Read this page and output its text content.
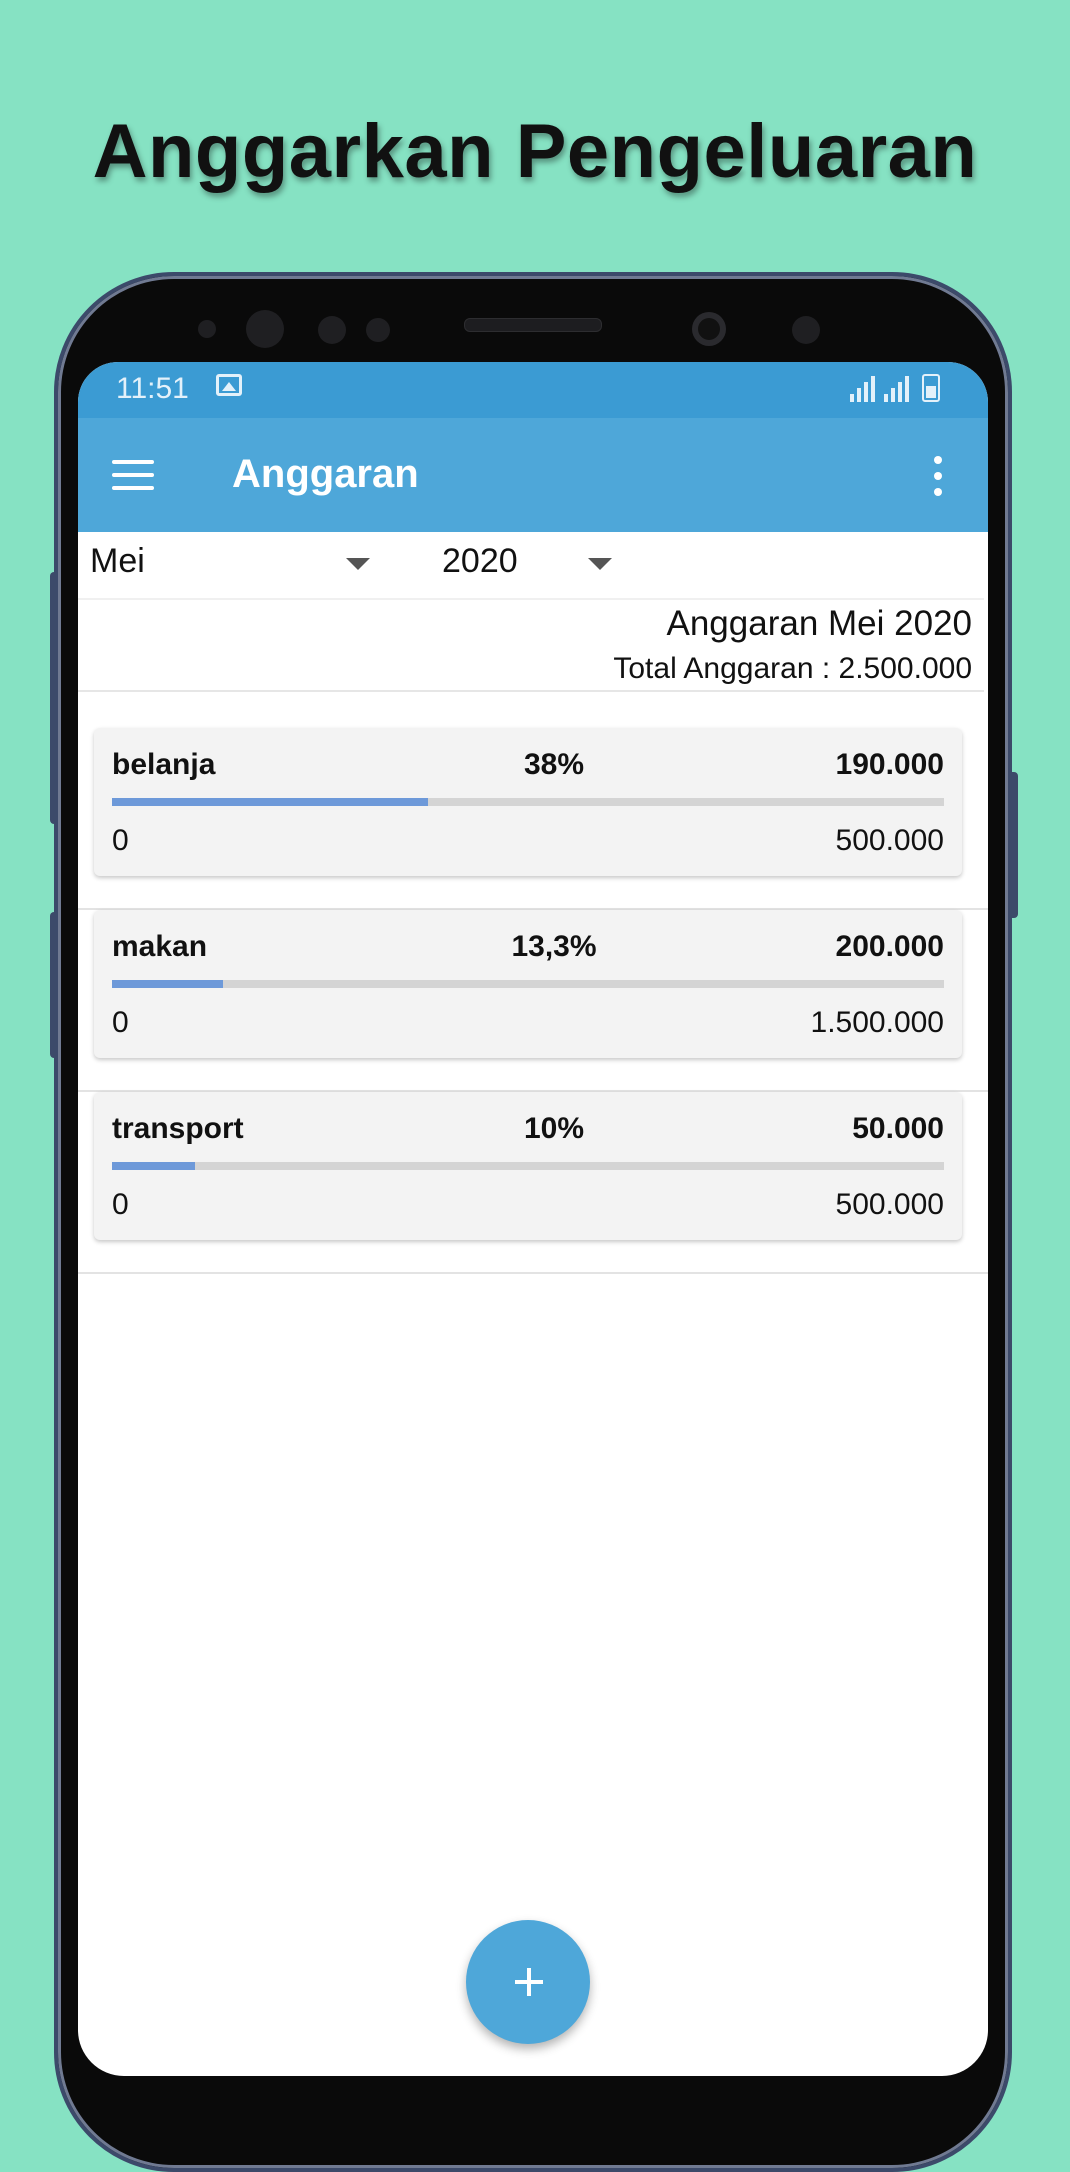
Anggarkan Pengeluaran
11:51
Anggaran
Mei	2020
Anggaran Mei 2020
Total Anggaran : 2.500.000
belanja	38%	190.000
0	500.000
makan	13,3%	200.000
0	1.500.000
transport	10%	50.000
0	500.000
